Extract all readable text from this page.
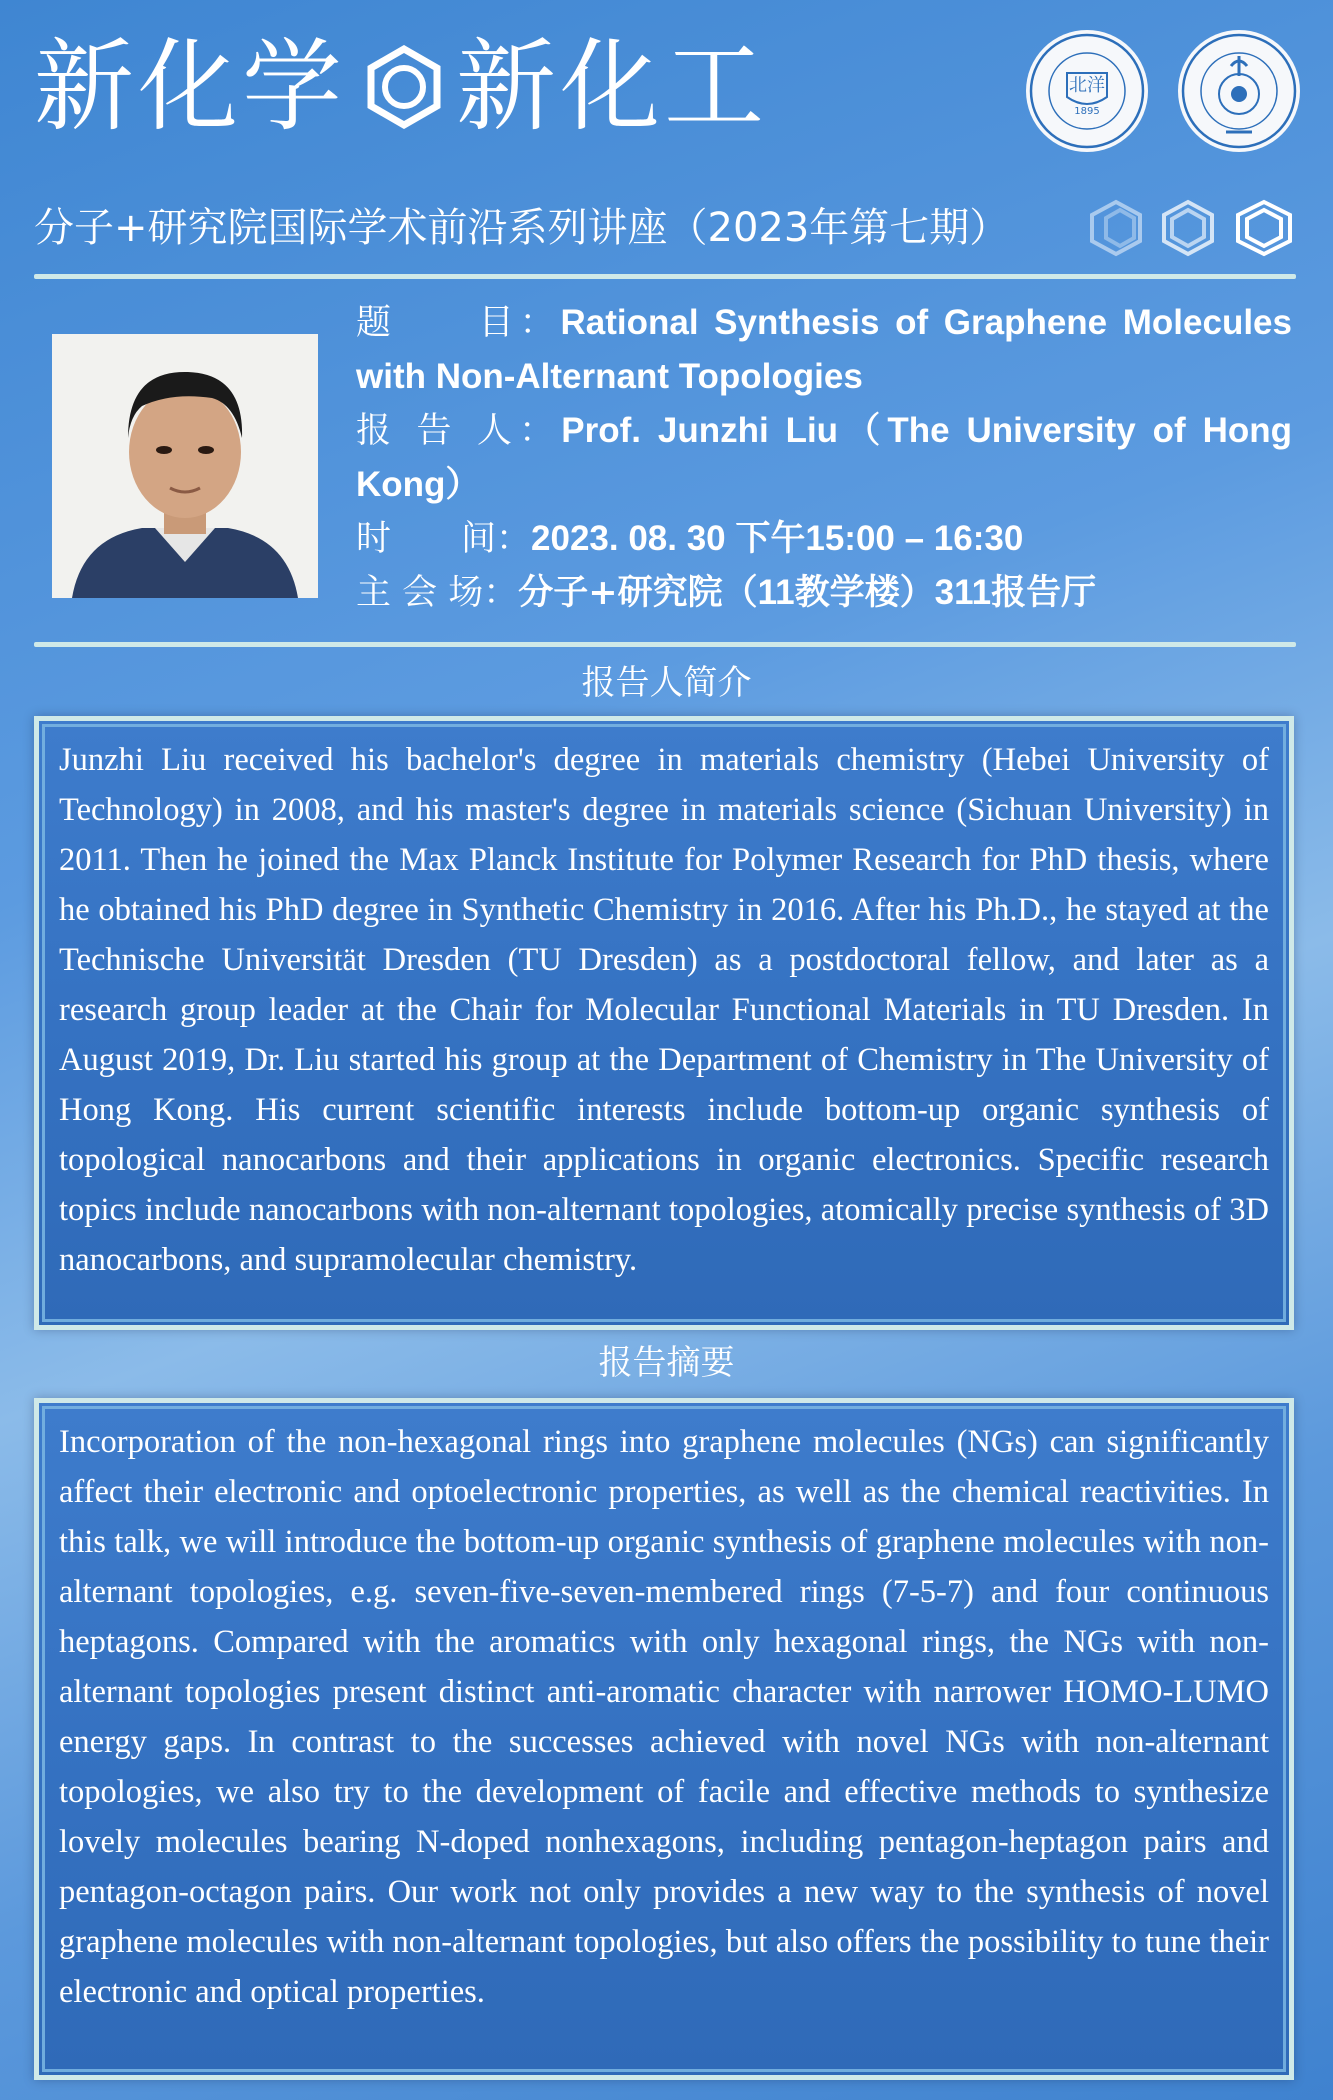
新化学 新化工	北洋
1895
分子+研究院国际学术前沿系列讲座（2023年第七期）
题　　目：Rational Synthesis of Graphene Molecules with Non-Alternant Topologies
报 告 人：Prof. Junzhi Liu（The University of Hong Kong）
时　　间：2023. 08. 30 下午15:00 – 16:30
主 会 场：分子+研究院（11教学楼）311报告厅
报告人简介
Junzhi Liu received his bachelor's degree in materials chemistry (Hebei University of Technology) in 2008, and his master's degree in materials science (Sichuan University) in 2011. Then he joined the Max Planck Institute for Polymer Research for PhD thesis, where he obtained his PhD degree in Synthetic Chemistry in 2016. After his Ph.D., he stayed at the Technische Universität Dresden (TU Dresden) as a postdoctoral fellow, and later as a research group leader at the Chair for Molecular Functional Materials in TU Dresden. In August 2019, Dr. Liu started his group at the Department of Chemistry in The University of Hong Kong. His current scientific interests include bottom-up organic synthesis of topological nanocarbons and their applications in organic electronics. Specific research topics include nanocarbons with non-alternant topologies, atomically precise synthesis of 3D nanocarbons, and supramolecular chemistry.
报告摘要
Incorporation of the non-hexagonal rings into graphene molecules (NGs) can significantly affect their electronic and optoelectronic properties, as well as the chemical reactivities. In this talk, we will introduce the bottom-up organic synthesis of graphene molecules with non-alternant topologies, e.g. seven-five-seven-membered rings (7-5-7) and four continuous heptagons. Compared with the aromatics with only hexagonal rings, the NGs with non-alternant topologies present distinct anti-aromatic character with narrower HOMO-LUMO energy gaps. In contrast to the successes achieved with novel NGs with non-alternant topologies, we also try to the development of facile and effective methods to synthesize lovely molecules bearing N-doped nonhexagons, including pentagon-heptagon pairs and pentagon-octagon pairs. Our work not only provides a new way to the synthesis of novel graphene molecules with non-alternant topologies, but also offers the possibility to tune their electronic and optical properties.
